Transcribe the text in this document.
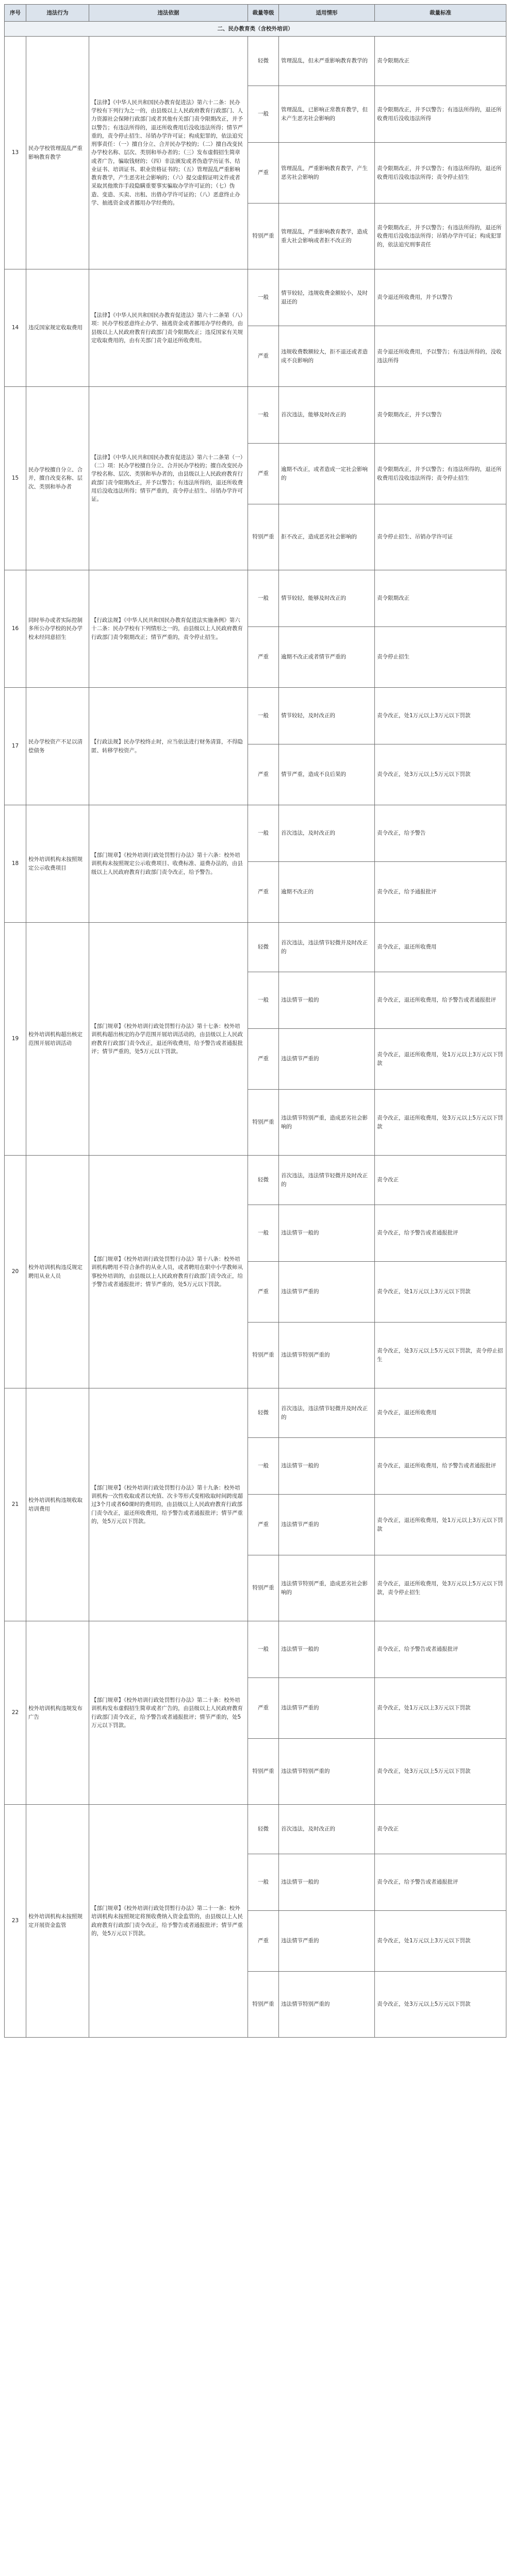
序号	违法行为	违法依据	裁量等级	适用情形	裁量标准
二、民办教育类（含校外培训）					
13	民办学校管理混乱严重影响教育教学	【法律】《中华人民共和国民办教育促进法》第六十二条：民办学校有下列行为之一的，由县级以上人民政府教育行政部门、人力资源社会保障行政部门或者其他有关部门责令限期改正，并予以警告；有违法所得的，退还所收费用后没收违法所得；情节严重的，责令停止招生、吊销办学许可证；构成犯罪的，依法追究刑事责任：（一）擅自分立、合并民办学校的；（二）擅自改变民办学校名称、层次、类别和举办者的；（三）发布虚假招生简章或者广告，骗取钱财的；（四）非法颁发或者伪造学历证书、结业证书、培训证书、职业资格证书的；（五）管理混乱严重影响教育教学，产生恶劣社会影响的；（六）提交虚假证明文件或者采取其他欺诈手段隐瞒重要事实骗取办学许可证的；（七）伪造、变造、买卖、出租、出借办学许可证的；（八）恶意终止办学、抽逃资金或者挪用办学经费的。	轻微	管理混乱，但未严重影响教育教学的	责令限期改正
			一般	管理混乱，已影响正常教育教学，但未产生恶劣社会影响的	责令限期改正，并予以警告；有违法所得的，退还所收费用后没收违法所得
			严重	管理混乱，严重影响教育教学，产生恶劣社会影响的	责令限期改正，并予以警告；有违法所得的，退还所收费用后没收违法所得；责令停止招生
			特别严重	管理混乱，严重影响教育教学，造成重大社会影响或者拒不改正的	责令限期改正，并予以警告；有违法所得的，退还所收费用后没收违法所得；吊销办学许可证；构成犯罪的，依法追究刑事责任
14	违反国家规定收取费用	【法律】《中华人民共和国民办教育促进法》第六十二条第（八）项：民办学校恶意终止办学、抽逃资金或者挪用办学经费的，由县级以上人民政府教育行政部门责令限期改正；违反国家有关规定收取费用的，由有关部门责令退还所收费用。	一般	情节较轻，违规收费金额较小，及时退还的	责令退还所收费用，并予以警告
			严重	违规收费数额较大，拒不退还或者造成不良影响的	责令退还所收费用，予以警告；有违法所得的，没收违法所得
15	民办学校擅自分立、合并，擅自改变名称、层次、类别和举办者	【法律】《中华人民共和国民办教育促进法》第六十二条第（一）（二）项：民办学校擅自分立、合并民办学校的；擅自改变民办学校名称、层次、类别和举办者的，由县级以上人民政府教育行政部门责令限期改正，并予以警告；有违法所得的，退还所收费用后没收违法所得；情节严重的，责令停止招生、吊销办学许可证。	一般	首次违法，能够及时改正的	责令限期改正，并予以警告
			严重	逾期不改正，或者造成一定社会影响的	责令限期改正，并予以警告；有违法所得的，退还所收费用后没收违法所得；责令停止招生
			特别严重	拒不改正，造成恶劣社会影响的	责令停止招生、吊销办学许可证
16	同时举办或者实际控制多所公办学校的民办学校未经同意招生	【行政法规】《中华人民共和国民办教育促进法实施条例》第六十二条：民办学校有下列情形之一的，由县级以上人民政府教育行政部门责令限期改正；情节严重的，责令停止招生。	一般	情节较轻，能够及时改正的	责令限期改正
			严重	逾期不改正或者情节严重的	责令停止招生
17	民办学校资产不足以清偿债务	【行政法规】民办学校终止时，应当依法进行财务清算，不得隐匿、转移学校资产。	一般	情节较轻，及时改正的	责令改正，处1万元以上3万元以下罚款
			严重	情节严重，造成不良后果的	责令改正，处3万元以上5万元以下罚款
18	校外培训机构未按照规定公示收费项目	【部门规章】《校外培训行政处罚暂行办法》第十六条：校外培训机构未按照规定公示收费项目、收费标准、退费办法的，由县级以上人民政府教育行政部门责令改正，给予警告。	一般	首次违法，及时改正的	责令改正，给予警告
			严重	逾期不改正的	责令改正，给予通报批评
19	校外培训机构超出核定范围开展培训活动	【部门规章】《校外培训行政处罚暂行办法》第十七条：校外培训机构超出核定的办学范围开展培训活动的，由县级以上人民政府教育行政部门责令改正，退还所收费用，给予警告或者通报批评；情节严重的，处5万元以下罚款。	轻微	首次违法，违法情节轻微并及时改正的	责令改正，退还所收费用
			一般	违法情节一般的	责令改正，退还所收费用，给予警告或者通报批评
			严重	违法情节严重的	责令改正，退还所收费用，处1万元以上3万元以下罚款
			特别严重	违法情节特别严重，造成恶劣社会影响的	责令改正，退还所收费用，处3万元以上5万元以下罚款
20	校外培训机构违反规定聘用从业人员	【部门规章】《校外培训行政处罚暂行办法》第十八条：校外培训机构聘用不符合条件的从业人员，或者聘用在职中小学教师从事校外培训的，由县级以上人民政府教育行政部门责令改正，给予警告或者通报批评；情节严重的，处5万元以下罚款。	轻微	首次违法，违法情节轻微并及时改正的	责令改正
			一般	违法情节一般的	责令改正，给予警告或者通报批评
			严重	违法情节严重的	责令改正，处1万元以上3万元以下罚款
			特别严重	违法情节特别严重的	责令改正，处3万元以上5万元以下罚款，责令停止招生
21	校外培训机构违规收取培训费用	【部门规章】《校外培训行政处罚暂行办法》第十九条：校外培训机构一次性收取或者以充值、次卡等形式变相收取时间跨度超过3个月或者60课时的费用的，由县级以上人民政府教育行政部门责令改正，退还所收费用，给予警告或者通报批评；情节严重的，处5万元以下罚款。	轻微	首次违法，违法情节轻微并及时改正的	责令改正，退还所收费用
			一般	违法情节一般的	责令改正，退还所收费用，给予警告或者通报批评
			严重	违法情节严重的	责令改正，退还所收费用，处1万元以上3万元以下罚款
			特别严重	违法情节特别严重，造成恶劣社会影响的	责令改正，退还所收费用，处3万元以上5万元以下罚款，责令停止招生
22	校外培训机构违规发布广告	【部门规章】《校外培训行政处罚暂行办法》第二十条：校外培训机构发布虚假招生简章或者广告的，由县级以上人民政府教育行政部门责令改正，给予警告或者通报批评；情节严重的，处5万元以下罚款。	一般	违法情节一般的	责令改正，给予警告或者通报批评
			严重	违法情节严重的	责令改正，处1万元以上3万元以下罚款
			特别严重	违法情节特别严重的	责令改正，处3万元以上5万元以下罚款
23	校外培训机构未按照规定开展资金监管	【部门规章】《校外培训行政处罚暂行办法》第二十一条：校外培训机构未按照规定将预收费纳入资金监管的，由县级以上人民政府教育行政部门责令改正，给予警告或者通报批评；情节严重的，处5万元以下罚款。	轻微	首次违法，及时改正的	责令改正
			一般	违法情节一般的	责令改正，给予警告或者通报批评
			严重	违法情节严重的	责令改正，处1万元以上3万元以下罚款
			特别严重	违法情节特别严重的	责令改正，处3万元以上5万元以下罚款
